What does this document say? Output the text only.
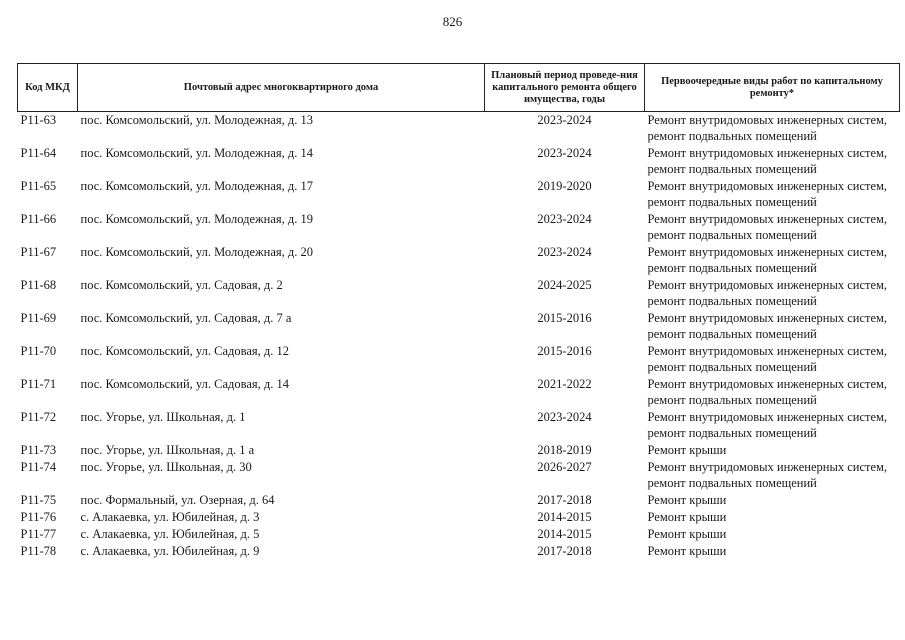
826
Код МКД	Почтовый адрес многоквартирного дома	Плановый период проведе-ния капитального ремонта общего имущества, годы	Первоочередные виды работ по капитальному ремонту*
Р11-63	пос. Комсомольский, ул. Молодежная, д. 13	2023-2024	Ремонт внутридомовых инженерных систем, ремонт подвальных помещений
Р11-64	пос. Комсомольский, ул. Молодежная, д. 14	2023-2024	Ремонт внутридомовых инженерных систем, ремонт подвальных помещений
Р11-65	пос. Комсомольский, ул. Молодежная, д. 17	2019-2020	Ремонт внутридомовых инженерных систем, ремонт подвальных помещений
Р11-66	пос. Комсомольский, ул. Молодежная, д. 19	2023-2024	Ремонт внутридомовых инженерных систем, ремонт подвальных помещений
Р11-67	пос. Комсомольский, ул. Молодежная, д. 20	2023-2024	Ремонт внутридомовых инженерных систем, ремонт подвальных помещений
Р11-68	пос. Комсомольский, ул. Садовая, д. 2	2024-2025	Ремонт внутридомовых инженерных систем, ремонт подвальных помещений
Р11-69	пос. Комсомольский, ул. Садовая, д. 7 а	2015-2016	Ремонт внутридомовых инженерных систем, ремонт подвальных помещений
Р11-70	пос. Комсомольский, ул. Садовая, д. 12	2015-2016	Ремонт внутридомовых инженерных систем, ремонт подвальных помещений
Р11-71	пос. Комсомольский, ул. Садовая, д. 14	2021-2022	Ремонт внутридомовых инженерных систем, ремонт подвальных помещений
Р11-72	пос. Угорье, ул. Школьная, д. 1	2023-2024	Ремонт внутридомовых инженерных систем, ремонт подвальных помещений
Р11-73	пос. Угорье, ул. Школьная, д. 1 а	2018-2019	Ремонт крыши
Р11-74	пос. Угорье, ул. Школьная, д. 30	2026-2027	Ремонт внутридомовых инженерных систем, ремонт подвальных помещений
Р11-75	пос. Формальный, ул. Озерная, д. 64	2017-2018	Ремонт крыши
Р11-76	с. Алакаевка, ул. Юбилейная, д. 3	2014-2015	Ремонт крыши
Р11-77	с. Алакаевка, ул. Юбилейная, д. 5	2014-2015	Ремонт крыши
Р11-78	с. Алакаевка, ул. Юбилейная, д. 9	2017-2018	Ремонт крыши
